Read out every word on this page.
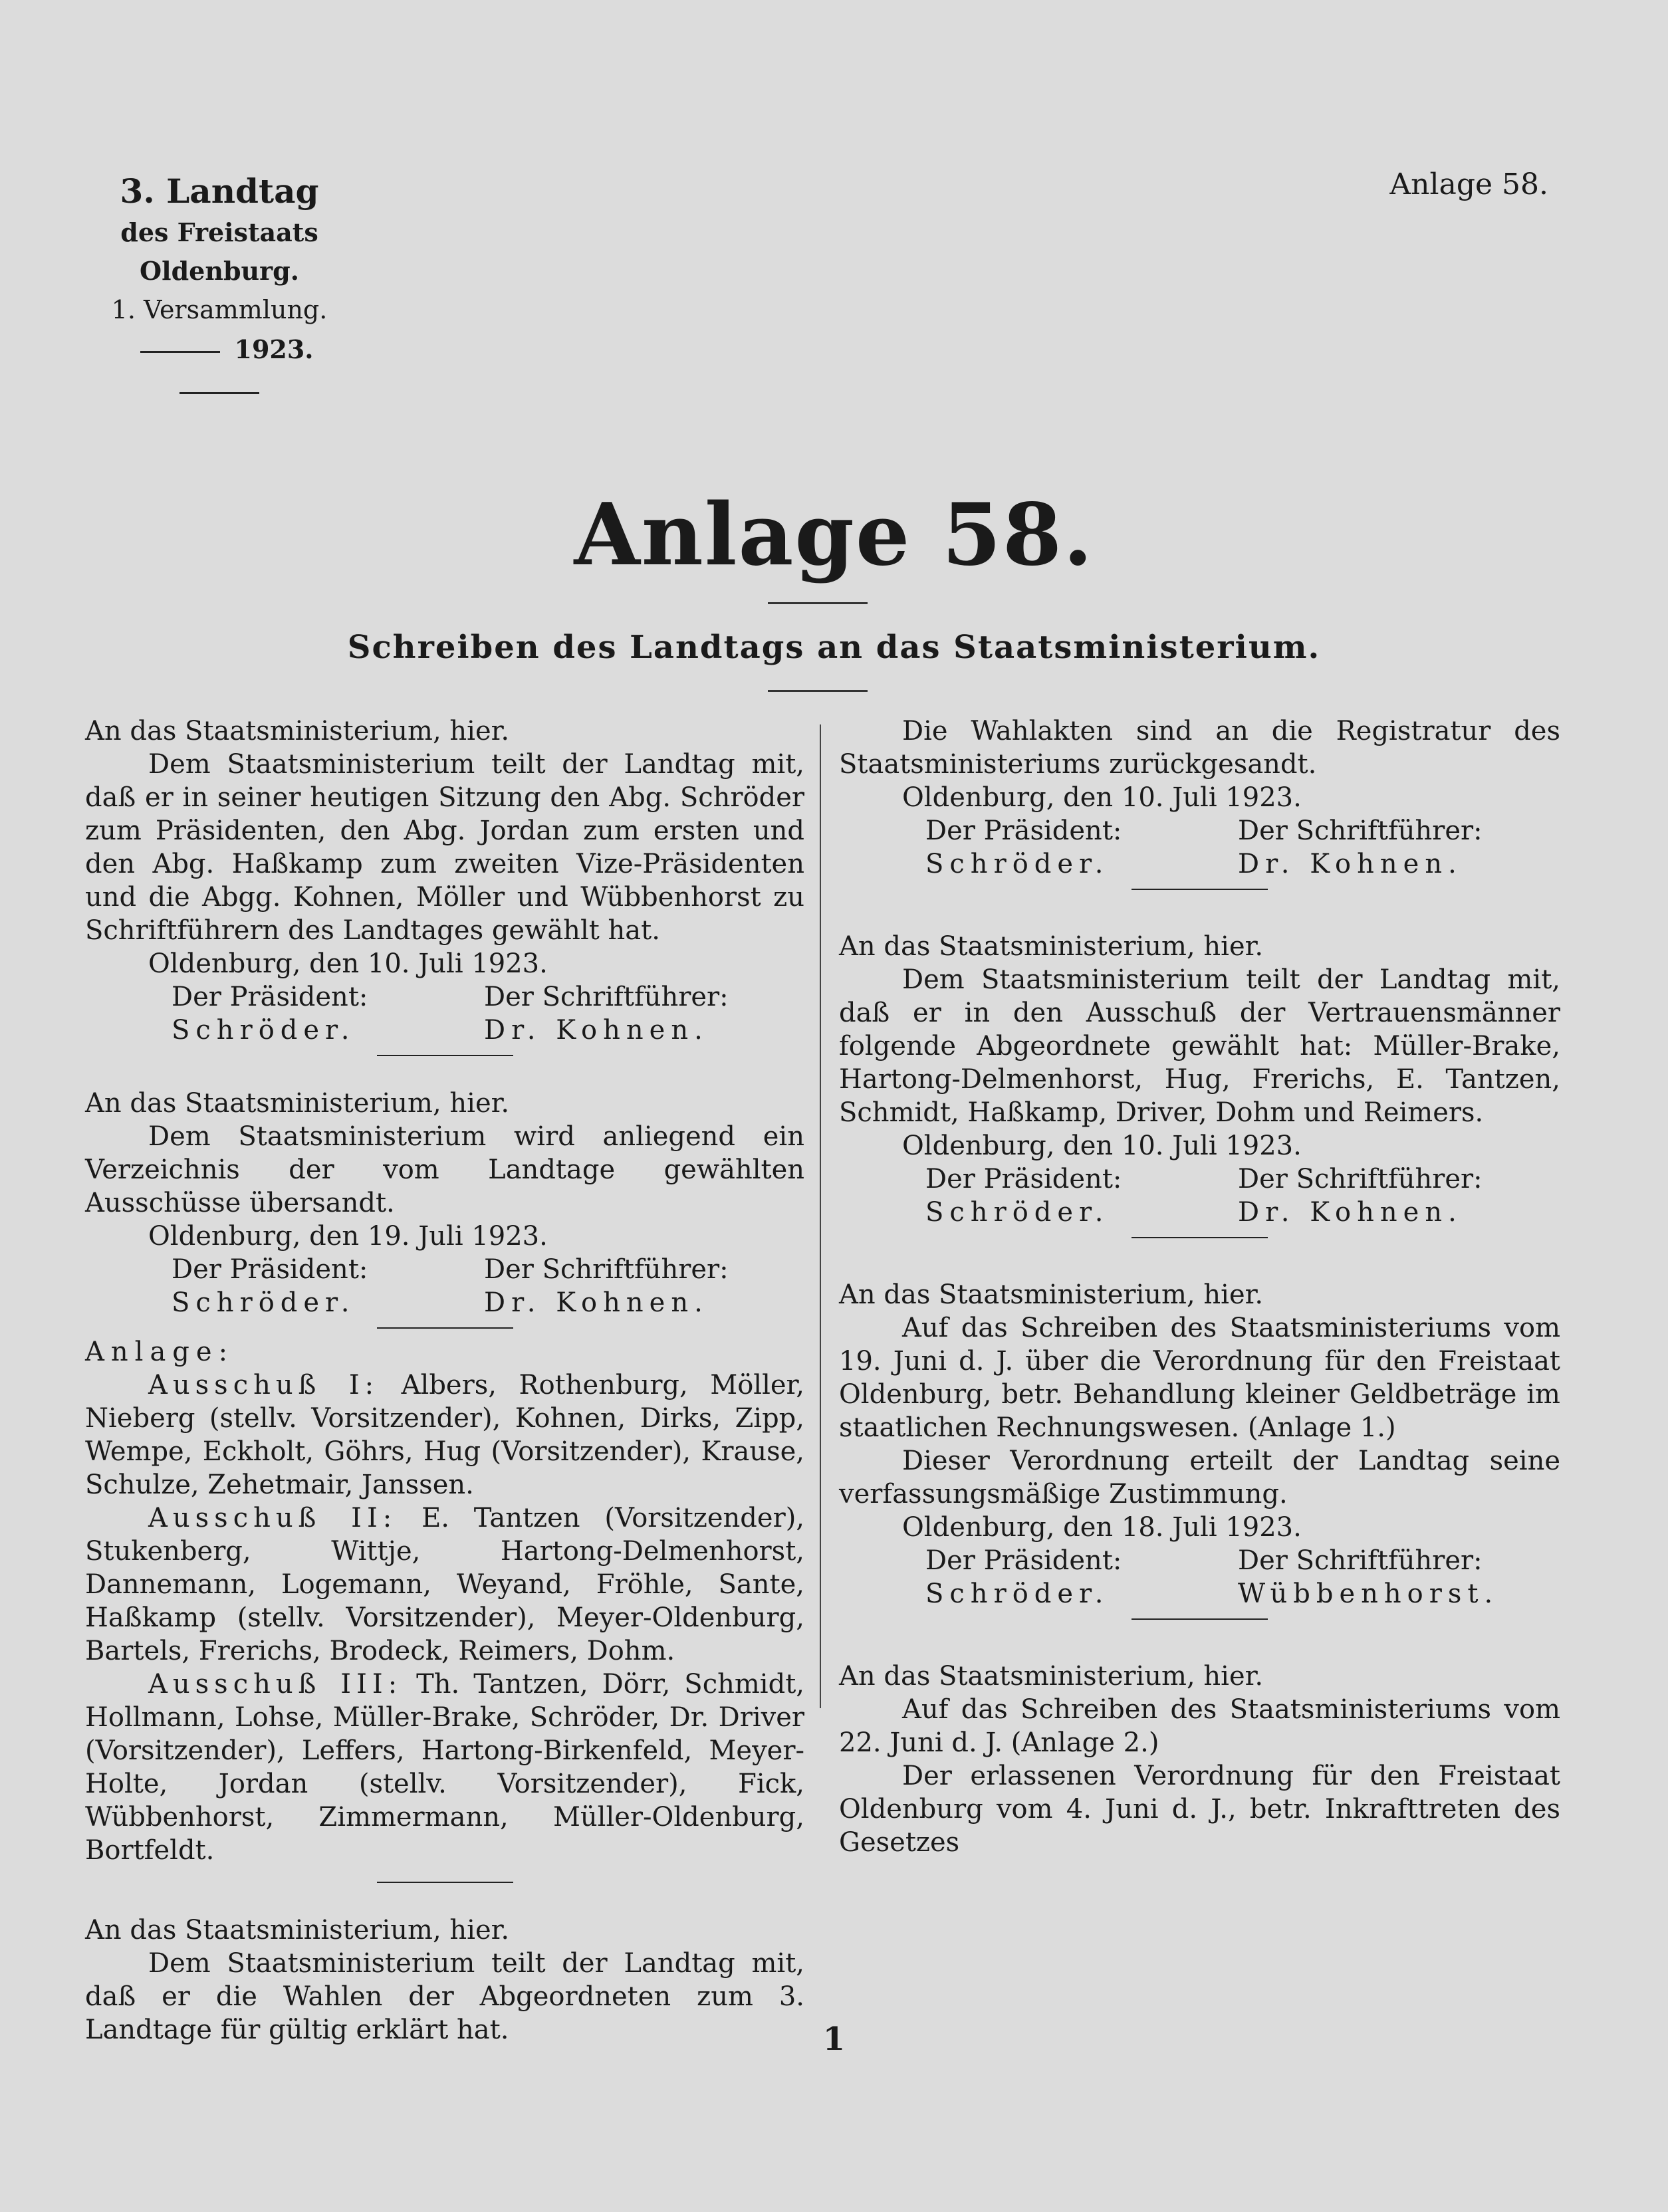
3. Landtag
des Freistaats Oldenburg.
1. Versammlung.
1923.
Anlage 58.
Anlage 58.
Schreiben des Landtags an das Staatsministerium.

An das Staatsministerium, hier.

Dem Staatsministerium teilt der Landtag mit, daß er in seiner heutigen Sitzung den Abg. Schröder zum Präsidenten, den Abg. Jordan zum ersten und den Abg. Haßkamp zum zweiten Vize-Präsidenten und die Abgg. Kohnen, Möller und Wübbenhorst zu Schriftführern des Landtages gewählt hat.

Oldenburg, den 10. Juli 1923.

Der Präsident:	Der Schriftführer:
Schröder.	Dr. Kohnen.

An das Staatsministerium, hier.

Dem Staatsministerium wird anliegend ein Verzeichnis der vom Landtage gewählten Ausschüsse übersandt.

Oldenburg, den 19. Juli 1923.

Der Präsident:	Der Schriftführer:
Schröder.	Dr. Kohnen.

Anlage:

Ausschuß I: Albers, Rothenburg, Möller, Nieberg (stellv. Vorsitzender), Kohnen, Dirks, Zipp, Wempe, Eckholt, Göhrs, Hug (Vorsitzender), Krause, Schulze, Zehetmair, Janssen.

Ausschuß II: E. Tantzen (Vorsitzender), Stukenberg, Wittje, Hartong-Delmenhorst, Dannemann, Logemann, Weyand, Fröhle, Sante, Haßkamp (stellv. Vorsitzender), Meyer-Oldenburg, Bartels, Frerichs, Brodeck, Reimers, Dohm.

Ausschuß III: Th. Tantzen, Dörr, Schmidt, Hollmann, Lohse, Müller-Brake, Schröder, Dr. Driver (Vorsitzender), Leffers, Hartong-Birkenfeld, Meyer-Holte, Jordan (stellv. Vorsitzender), Fick, Wübbenhorst, Zimmermann, Müller-Oldenburg, Bortfeldt.

An das Staatsministerium, hier.

Dem Staatsministerium teilt der Landtag mit, daß er die Wahlen der Abgeordneten zum 3. Landtage für gültig erklärt hat.

Die Wahlakten sind an die Registratur des Staatsministeriums zurückgesandt.

Oldenburg, den 10. Juli 1923.

Der Präsident:	Der Schriftführer:
Schröder.	Dr. Kohnen.

An das Staatsministerium, hier.

Dem Staatsministerium teilt der Landtag mit, daß er in den Ausschuß der Vertrauensmänner folgende Abgeordnete gewählt hat: Müller-Brake, Hartong-Delmenhorst, Hug, Frerichs, E. Tantzen, Schmidt, Haßkamp, Driver, Dohm und Reimers.

Oldenburg, den 10. Juli 1923.

Der Präsident:	Der Schriftführer:
Schröder.	Dr. Kohnen.

An das Staatsministerium, hier.

Auf das Schreiben des Staatsministeriums vom 19. Juni d. J. über die Verordnung für den Freistaat Oldenburg, betr. Behandlung kleiner Geldbeträge im staatlichen Rechnungswesen. (Anlage 1.)

Dieser Verordnung erteilt der Landtag seine verfassungsmäßige Zustimmung.

Oldenburg, den 18. Juli 1923.

Der Präsident:	Der Schriftführer:
Schröder.	Wübbenhorst.

An das Staatsministerium, hier.

Auf das Schreiben des Staatsministeriums vom 22. Juni d. J. (Anlage 2.)

Der erlassenen Verordnung für den Freistaat Oldenburg vom 4. Juni d. J., betr. Inkrafttreten des Gesetzes

1
